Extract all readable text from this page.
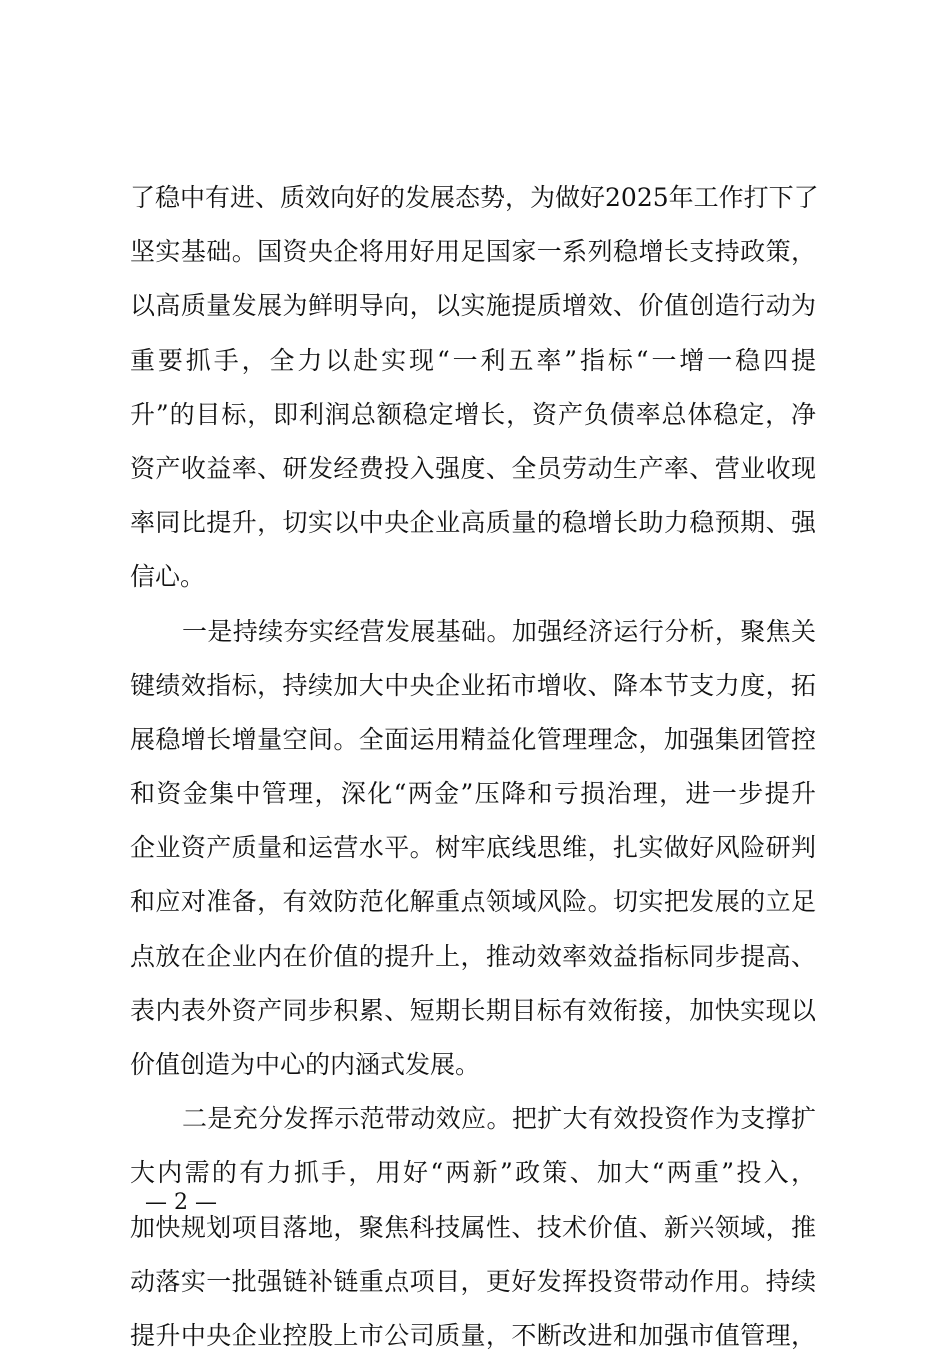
了稳中有进、质效向好的发展态势，为做好2025年工作打下了
坚实基础。国资央企将用好用足国家一系列稳增长支持政策，
以高质量发展为鲜明导向，以实施提质增效、价值创造行动为
重要抓手，全力以赴实现“一利五率”指标“一增一稳四提
升”的目标，即利润总额稳定增长，资产负债率总体稳定，净
资产收益率、研发经费投入强度、全员劳动生产率、营业收现
率同比提升，切实以中央企业高质量的稳增长助力稳预期、强
信心。
一是持续夯实经营发展基础。加强经济运行分析，聚焦关
键绩效指标，持续加大中央企业拓市增收、降本节支力度，拓
展稳增长增量空间。全面运用精益化管理理念，加强集团管控
和资金集中管理，深化“两金”压降和亏损治理，进一步提升
企业资产质量和运营水平。树牢底线思维，扎实做好风险研判
和应对准备，有效防范化解重点领域风险。切实把发展的立足
点放在企业内在价值的提升上，推动效率效益指标同步提高、
表内表外资产同步积累、短期长期目标有效衔接，加快实现以
价值创造为中心的内涵式发展。
二是充分发挥示范带动效应。把扩大有效投资作为支撑扩
大内需的有力抓手，用好“两新”政策、加大“两重”投入，
加快规划项目落地，聚焦科技属性、技术价值、新兴领域，推
动落实一批强链补链重点项目，更好发挥投资带动作用。持续
提升中央企业控股上市公司质量，不断改进和加强市值管理，
— 2 —
